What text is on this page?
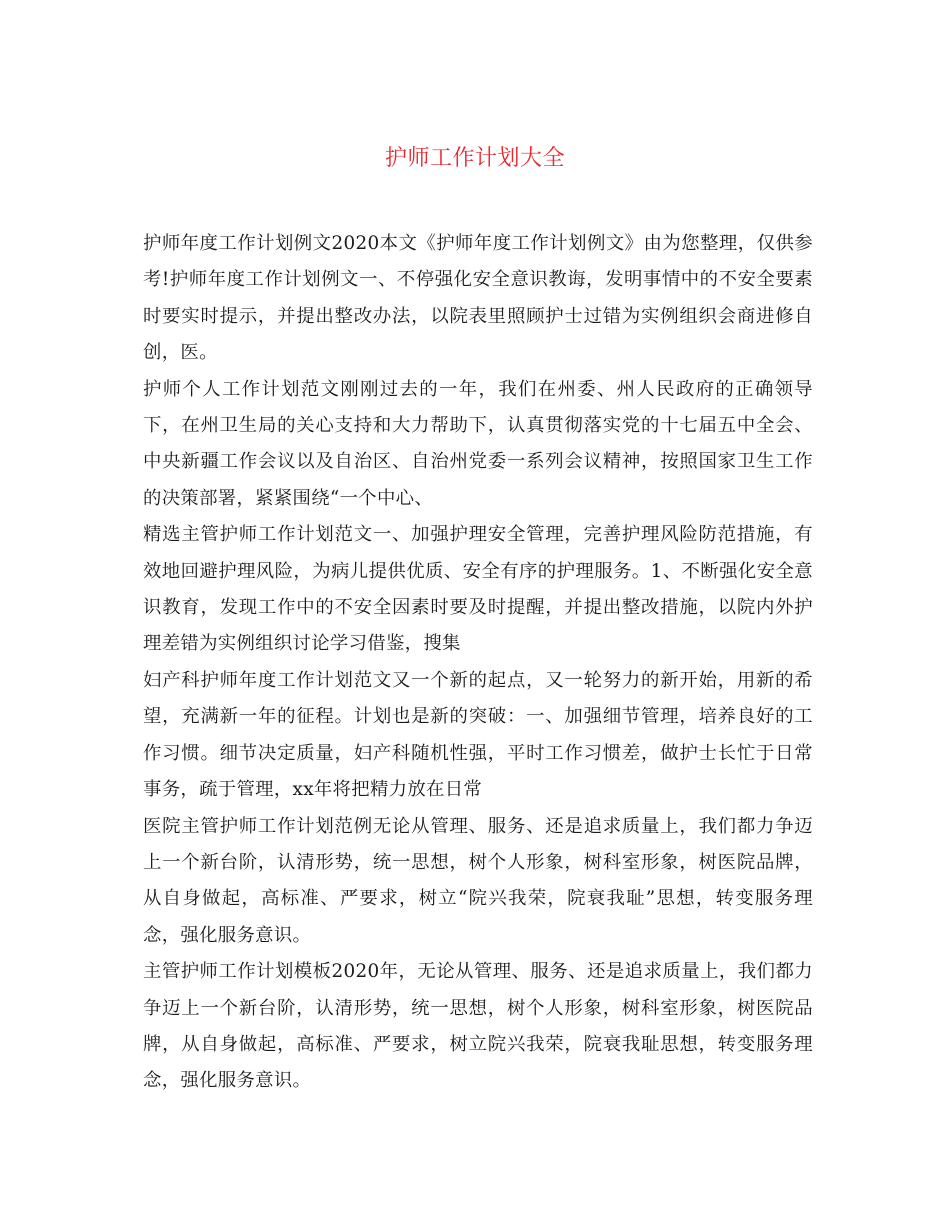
护师工作计划大全

护师年度工作计划例文2020本文《护师年度工作计划例文》由为您整理，仅供参考!护师年度工作计划例文一、不停强化安全意识教诲，发明事情中的不安全要素时要实时提示，并提出整改办法，以院表里照顾护士过错为实例组织会商进修自创，医。

护师个人工作计划范文刚刚过去的一年，我们在州委、州人民政府的正确领导下，在州卫生局的关心支持和大力帮助下，认真贯彻落实党的十七届五中全会、中央新疆工作会议以及自治区、自治州党委一系列会议精神，按照国家卫生工作的决策部署，紧紧围绕“一个中心、

精选主管护师工作计划范文一、加强护理安全管理，完善护理风险防范措施，有效地回避护理风险，为病儿提供优质、安全有序的护理服务。1、不断强化安全意识教育，发现工作中的不安全因素时要及时提醒，并提出整改措施，以院内外护理差错为实例组织讨论学习借鉴，搜集

妇产科护师年度工作计划范文又一个新的起点，又一轮努力的新开始，用新的希望，充满新一年的征程。计划也是新的突破：一、加强细节管理，培养良好的工作习惯。细节决定质量，妇产科随机性强，平时工作习惯差，做护士长忙于日常事务，疏于管理，xx年将把精力放在日常

医院主管护师工作计划范例无论从管理、服务、还是追求质量上，我们都力争迈上一个新台阶，认清形势，统一思想，树个人形象，树科室形象，树医院品牌，从自身做起，高标准、严要求，树立“院兴我荣，院衰我耻”思想，转变服务理念，强化服务意识。

主管护师工作计划模板2020年，无论从管理、服务、还是追求质量上，我们都力争迈上一个新台阶，认清形势，统一思想，树个人形象，树科室形象，树医院品牌，从自身做起，高标准、严要求，树立院兴我荣，院衰我耻思想，转变服务理念，强化服务意识。
